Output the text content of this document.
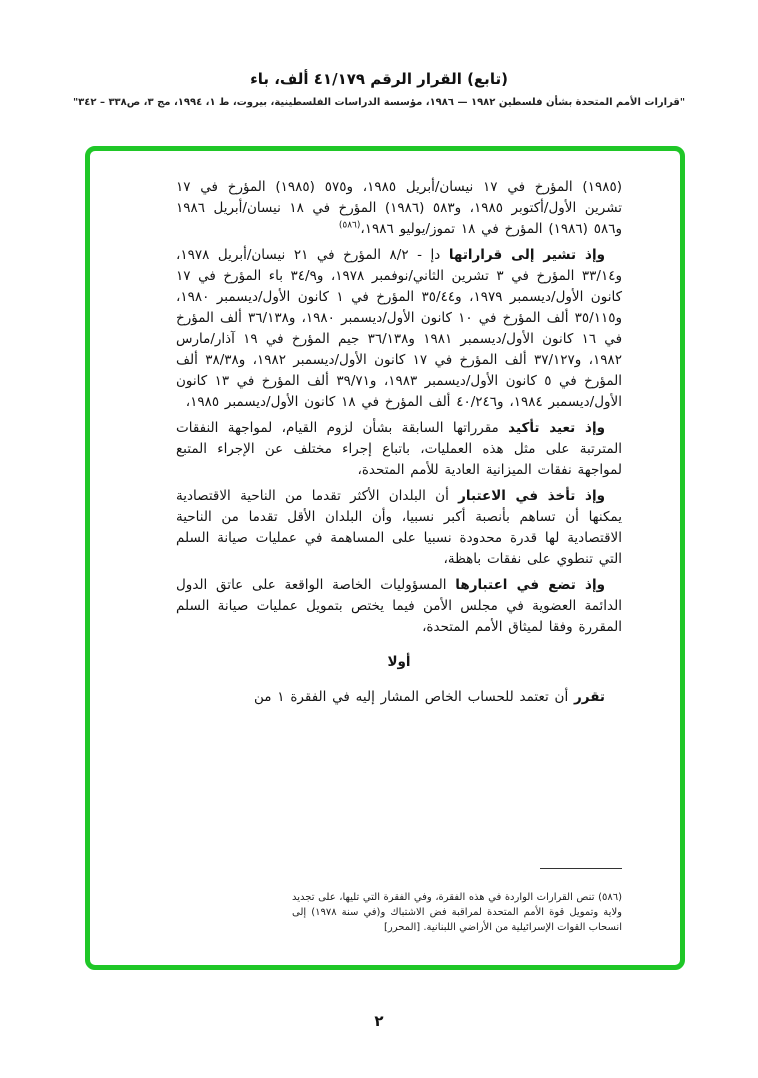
(تابع) القرار الرقم ٤١/١٧٩ ألف، باء
"قرارات الأمم المتحدة بشأن فلسطين ١٩٨٢ — ١٩٨٦، مؤسسة الدراسات الفلسطينية، بيروت، ط ١، ١٩٩٤، مج ٣، ص٣٣٨ – ٣٤٢"

(١٩٨٥) المؤرخ في ١٧ نيسان/أبريل ١٩٨٥، و٥٧٥ (١٩٨٥) المؤرخ في ١٧ تشرين الأول/أكتوبر ١٩٨٥، و٥٨٣ (١٩٨٦) المؤرخ في ١٨ نيسان/أبريل ١٩٨٦ و٥٨٦ (١٩٨٦) المؤرخ في ١٨ تموز/يوليو ١٩٨٦،$^{(٥٨٦)}$

وإذ تشير إلى قراراتها دإ - ٨/٢ المؤرخ في ٢١ نيسان/أبريل ١٩٧٨، و٣٣/١٤ المؤرخ في ٣ تشرين الثاني/نوفمبر ١٩٧٨، و٣٤/٩ باء المؤرخ في ١٧ كانون الأول/ديسمبر ١٩٧٩، و٣٥/٤٤ المؤرخ في ١ كانون الأول/ديسمبر ١٩٨٠، و٣٥/١١٥ ألف المؤرخ في ١٠ كانون الأول/ديسمبر ١٩٨٠، و٣٦/١٣٨ ألف المؤرخ في ١٦ كانون الأول/ديسمبر ١٩٨١ و٣٦/١٣٨ جيم المؤرخ في ١٩ آذار/مارس ١٩٨٢، و٣٧/١٢٧ ألف المؤرخ في ١٧ كانون الأول/ديسمبر ١٩٨٢، و٣٨/٣٨ ألف المؤرخ في ٥ كانون الأول/ديسمبر ١٩٨٣، و٣٩/٧١ ألف المؤرخ في ١٣ كانون الأول/ديسمبر ١٩٨٤، و٤٠/٢٤٦ ألف المؤرخ في ١٨ كانون الأول/ديسمبر ١٩٨٥،

وإذ تعيد تأكيد مقرراتها السابقة بشأن لزوم القيام، لمواجهة النفقات المترتبة على مثل هذه العمليات، باتباع إجراء مختلف عن الإجراء المتبع لمواجهة نفقات الميزانية العادية للأمم المتحدة،

وإذ تأخذ في الاعتبار أن البلدان الأكثر تقدما من الناحية الاقتصادية يمكنها أن تساهم بأنصبة أكبر نسبيا، وأن البلدان الأقل تقدما من الناحية الاقتصادية لها قدرة محدودة نسبيا على المساهمة في عمليات صيانة السلم التي تنطوي على نفقات باهظة،

وإذ تضع في اعتبارها المسؤوليات الخاصة الواقعة على عاتق الدول الدائمة العضوية في مجلس الأمن فيما يختص بتمويل عمليات صيانة السلم المقررة وفقا لميثاق الأمم المتحدة،

أولا

تقرر أن تعتمد للحساب الخاص المشار إليه في الفقرة ١ من

(٥٨٦) تنص القرارات الواردة في هذه الفقرة، وفي الفقرة التي تليها، على تجديد ولاية وتمويل قوة الأمم المتحدة لمراقبة فض الاشتباك و(في سنة ١٩٧٨) إلى انسحاب القوات الإسرائيلية من الأراضي اللبنانية. [المحرر]
٢
